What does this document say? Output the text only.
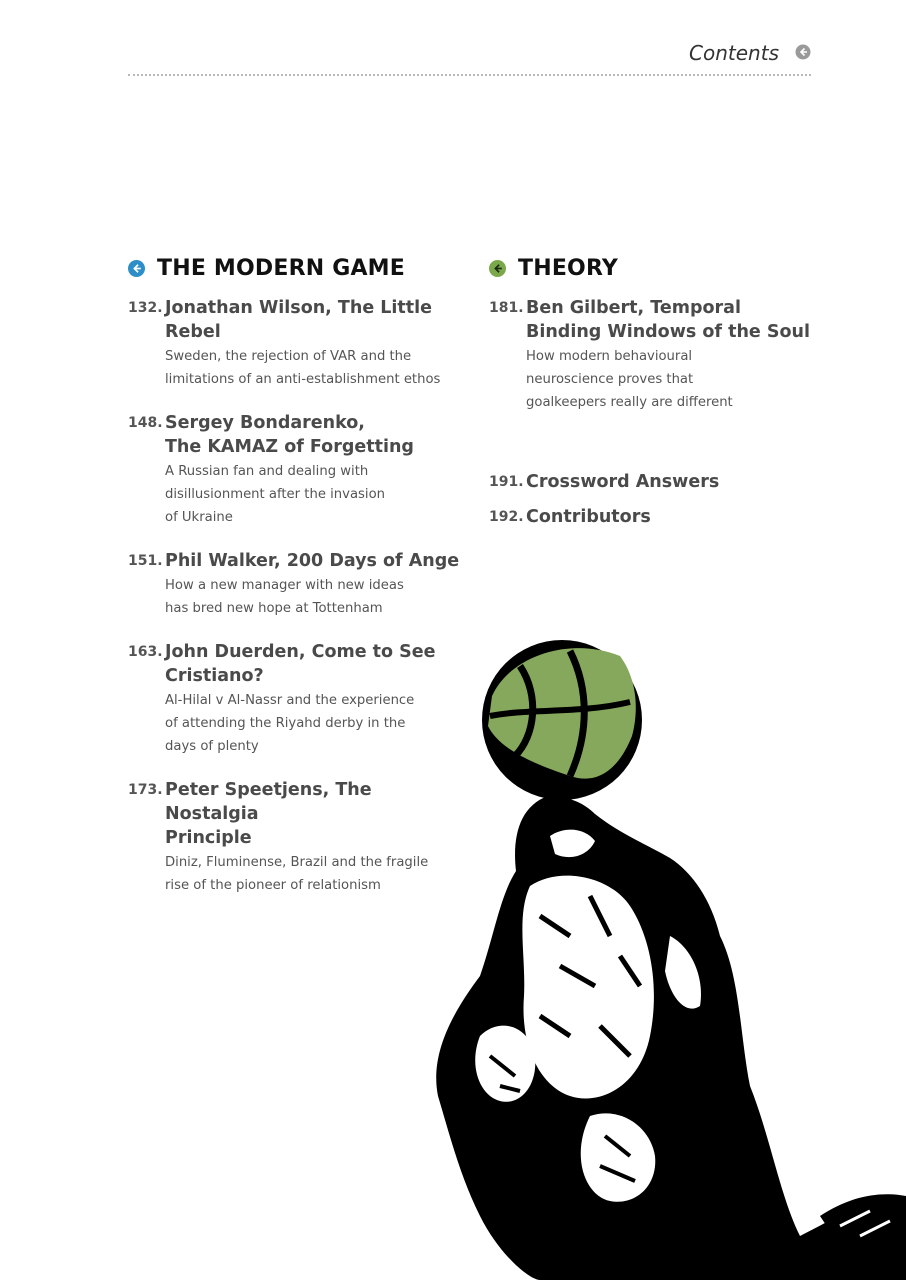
Contents
THE MODERN GAME
132. Jonathan Wilson, The Little
Rebel
Sweden, the rejection of VAR and the
limitations of an anti-establishment ethos
148. Sergey Bondarenko,
The KAMAZ of Forgetting
A Russian fan and dealing with
disillusionment after the invasion
of Ukraine
151. Phil Walker, 200 Days of Ange
How a new manager with new ideas
has bred new hope at Tottenham
163. John Duerden, Come to See
Cristiano?
Al-Hilal v Al-Nassr and the experience
of attending the Riyahd derby in the
days of plenty
173. Peter Speetjens, The Nostalgia
Principle
Diniz, Fluminense, Brazil and the fragile
rise of the pioneer of relationism
THEORY
181. Ben Gilbert, Temporal
Binding Windows of the Soul
How modern behavioural
neuroscience proves that
goalkeepers really are different
191. Crossword Answers
192. Contributors
